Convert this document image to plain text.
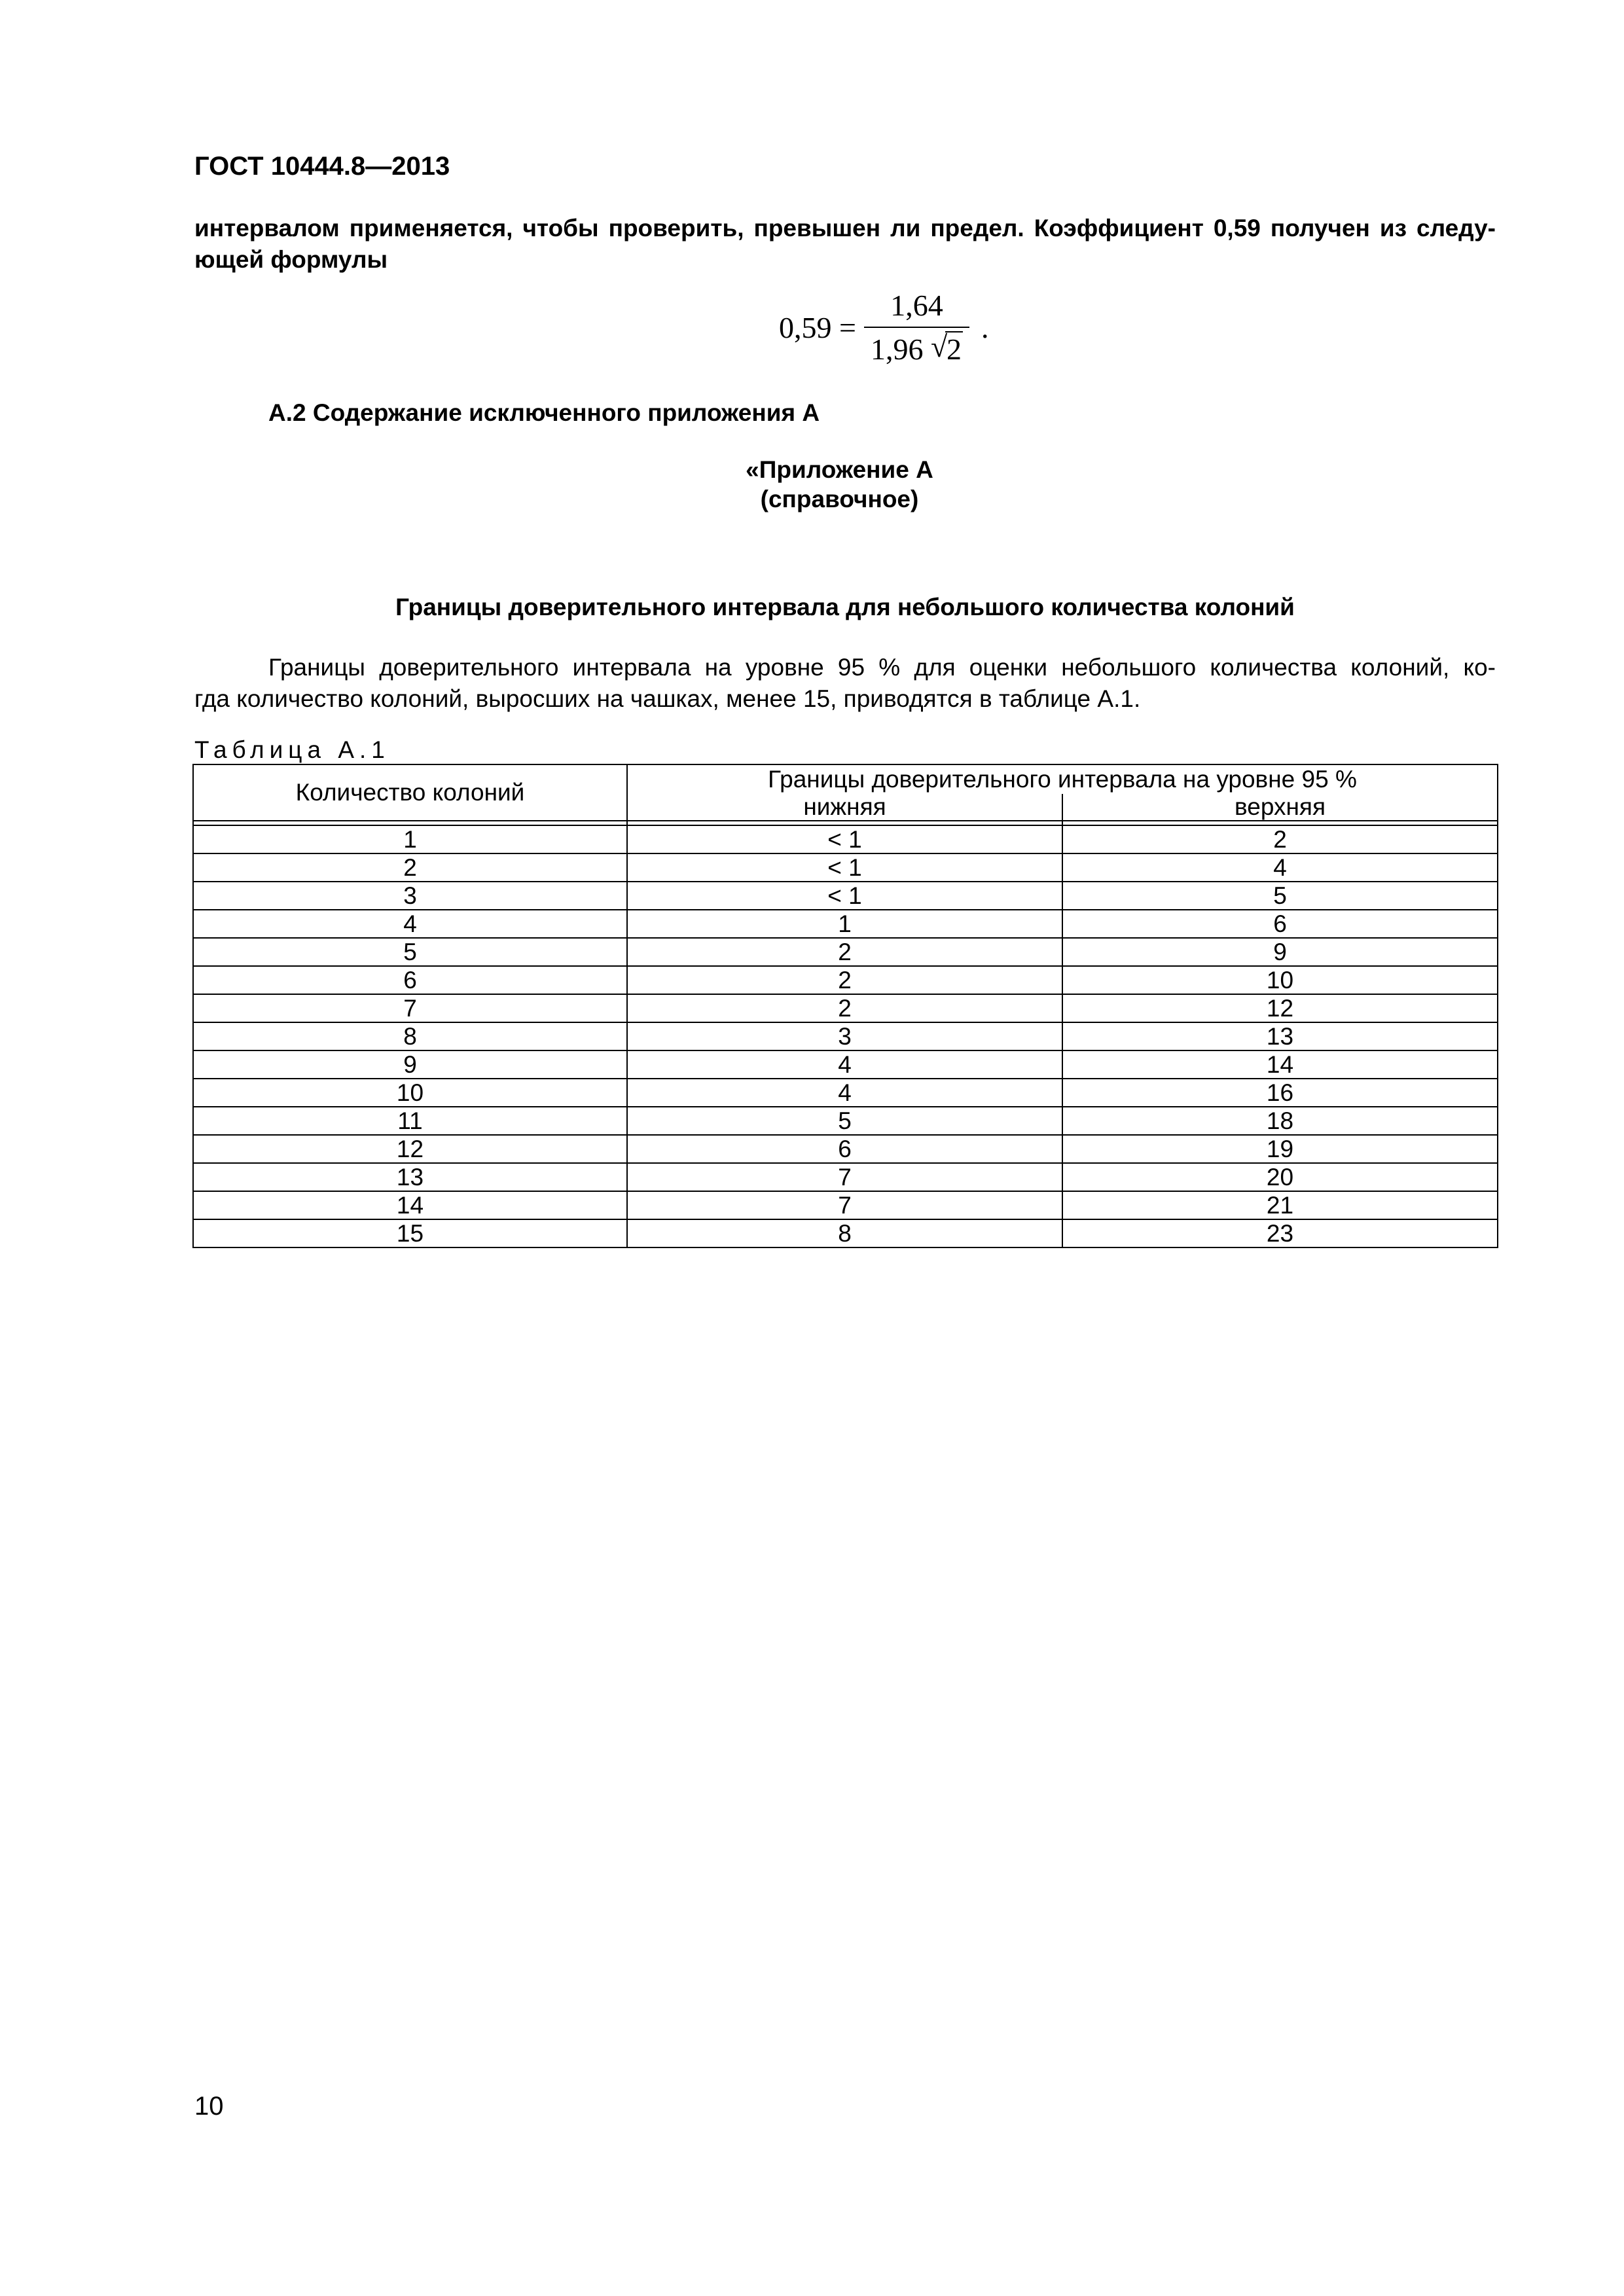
ГОСТ 10444.8—2013
интервалом применяется, чтобы проверить, превышен ли предел. Коэффициент 0,59 получен из следу-
ющей формулы
0,59 = 1,64
1,96 √
2 .
А.2 Содержание исключенного приложения А
«Приложение А
(справочное)
Границы доверительного интервала для небольшого количества колоний
Границы доверительного интервала на уровне 95 % для оценки небольшого количества колоний, ко-
гда количество колоний, выросших на чашках, менее 15, приводятся в таблице А.1.
Таблица А.1
Количество колоний	Границы доверительного интервала на уровне 95 %	
	нижняя	верхняя

1	< 1	2
2	< 1	4
3	< 1	5
4	1	6
5	2	9
6	2	10
7	2	12
8	3	13
9	4	14
10	4	16
11	5	18
12	6	19
13	7	20
14	7	21
15	8	23
10
